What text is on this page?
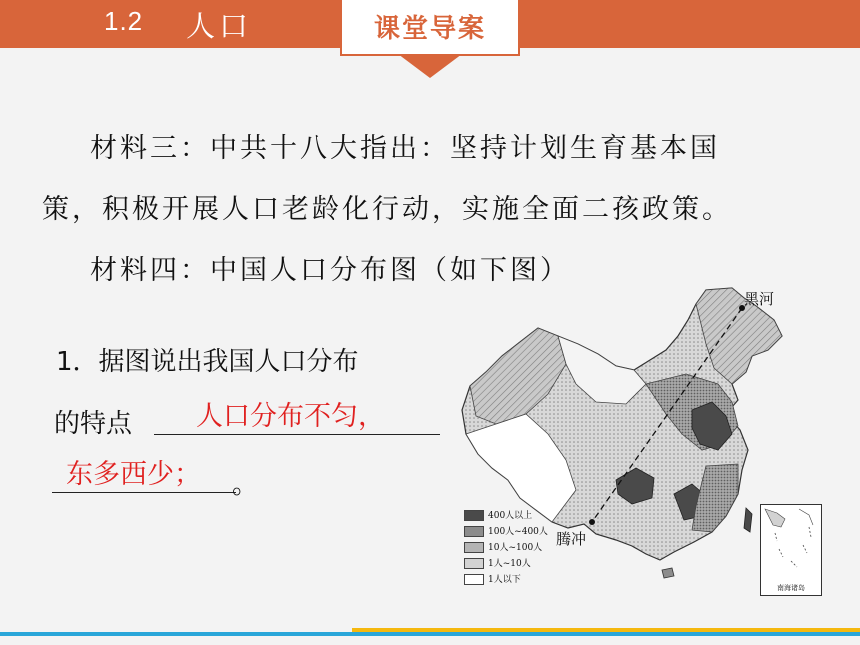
1.2 人口	课堂导案
材料三：中共十八大指出：坚持计划生育基本国
策，积极开展人口老龄化行动，实施全面二孩政策。
材料四：中国人口分布图（如下图）
1．据图说出我国人口分布
的特点 人口分布不匀，
东多西少； 。
黑河
腾冲
400人以上
100人~400人
10人~100人
1人~10人
1人以下
南海诸岛
